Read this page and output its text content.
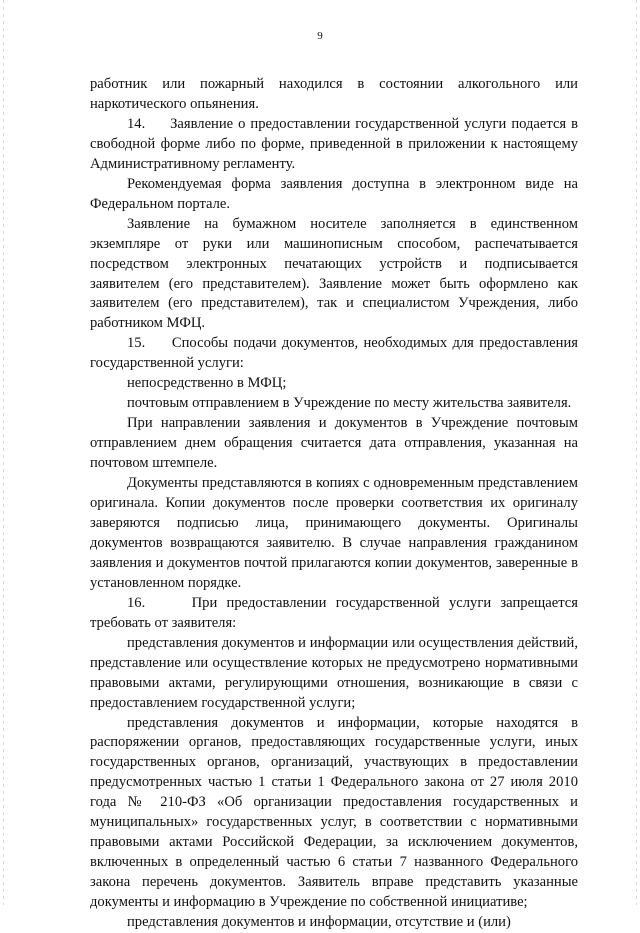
9

работник или пожарный находился в состоянии алкогольного или наркотического опьянения.

14.     Заявление о предоставлении государственной услуги подается в свободной форме либо по форме, приведенной в приложении к настоящему Административному регламенту.

Рекомендуемая форма заявления доступна в электронном виде на Федеральном портале.

Заявление на бумажном носителе заполняется в единственном экземпляре от руки или машинописным способом, распечатывается посредством электронных печатающих устройств и подписывается заявителем (его представителем). Заявление может быть оформлено как заявителем (его представителем), так и специалистом Учреждения, либо работником МФЦ.

15.     Способы подачи документов, необходимых для предоставления государственной услуги:

непосредственно в МФЦ;

почтовым отправлением в Учреждение по месту жительства заявителя.

При направлении заявления и документов в Учреждение почтовым отправлением днем обращения считается дата отправления, указанная на почтовом штемпеле.

Документы представляются в копиях с одновременным представлением оригинала. Копии документов после проверки соответствия их оригиналу заверяются подписью лица, принимающего документы. Оригиналы документов возвращаются заявителю. В случае направления гражданином заявления и документов почтой прилагаются копии документов, заверенные в установленном порядке.

16.     При предоставлении государственной услуги запрещается требовать от заявителя:

представления документов и информации или осуществления действий, представление или осуществление которых не предусмотрено нормативными правовыми актами, регулирующими отношения, возникающие в связи с предоставлением государственной услуги;

представления документов и информации, которые находятся в распоряжении органов, предоставляющих государственные услуги, иных государственных органов, организаций, участвующих в предоставлении предусмотренных частью 1 статьи 1 Федерального закона от 27 июля 2010 года № 210-ФЗ «Об организации предоставления государственных и муниципальных» государственных услуг, в соответствии с нормативными правовыми актами Российской Федерации, за исключением документов, включенных в определенный частью 6 статьи 7 названного Федерального закона перечень документов. Заявитель вправе представить указанные документы и информацию в Учреждение по собственной инициативе;

представления документов и информации, отсутствие и (или)
